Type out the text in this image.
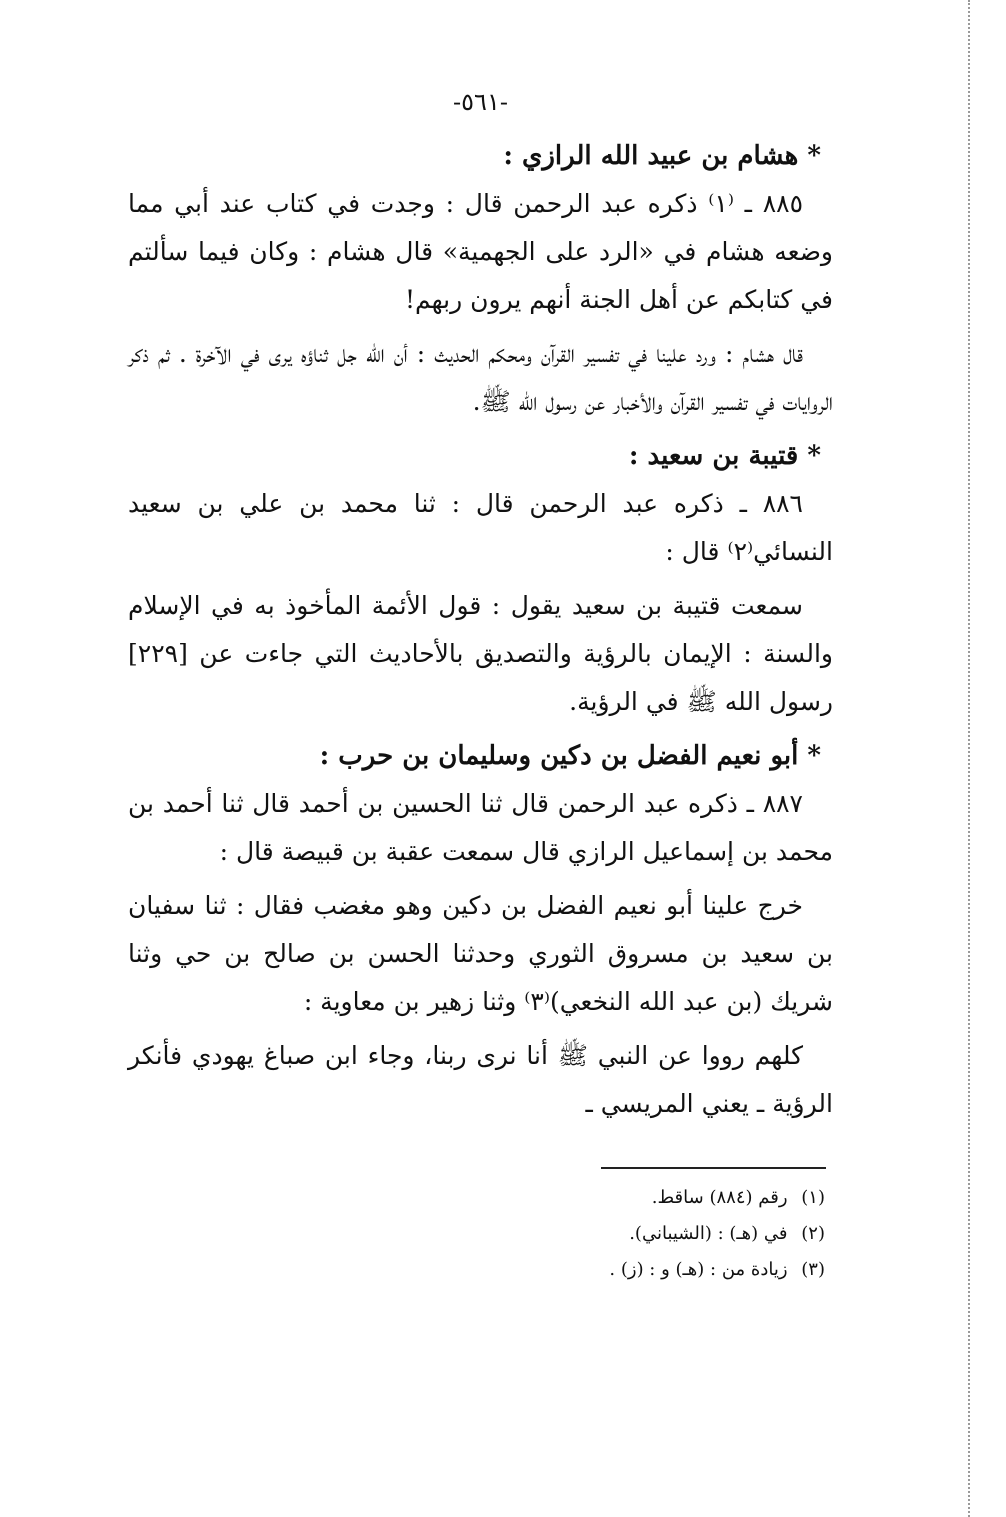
-٥٦١-

* هشام بن عبيد الله الرازي :

٨٨٥ ـ ⁽١⁾ ذكره عبد الرحمن قال : وجدت في كتاب عند أبي مما وضعه هشام في «الرد على الجهمية» قال هشام : وكان فيما سألتم في كتابكم عن أهل الجنة أنهم يرون ربهم!

قال هشام : ورد علينا في تفسير القرآن ومحكم الحديث : أن الله جل ثناؤه يرى في الآخرة . ثم ذكر الروايات في تفسير القرآن والأخبار عن رسول الله ﷺ.

* قتيبة بن سعيد :

٨٨٦ ـ ذكره عبد الرحمن قال : ثنا محمد بن علي بن سعيد النسائي⁽٢⁾ قال :

سمعت قتيبة بن سعيد يقول : قول الأئمة المأخوذ به في الإسلام والسنة : الإيمان بالرؤية والتصديق بالأحاديث التي جاءت عن [٢٢٩] رسول الله ﷺ في الرؤية.

* أبو نعيم الفضل بن دكين وسليمان بن حرب :

٨٨٧ ـ ذكره عبد الرحمن قال ثنا الحسين بن أحمد قال ثنا أحمد بن محمد بن إسماعيل الرازي قال سمعت عقبة بن قبيصة قال :

خرج علينا أبو نعيم الفضل بن دكين وهو مغضب فقال : ثنا سفيان بن سعيد بن مسروق الثوري وحدثنا الحسن بن صالح بن حي وثنا شريك (بن عبد الله النخعي)⁽٣⁾ وثنا زهير بن معاوية :

كلهم رووا عن النبي ﷺ أنا نرى ربنا، وجاء ابن صباغ يهودي فأنكر الرؤية ـ يعني المريسي ـ

(١) رقم (٨٨٤) ساقط.

(٢) في (هـ) : (الشيباني).

(٣) زيادة من : (هـ) و : (ز) .
